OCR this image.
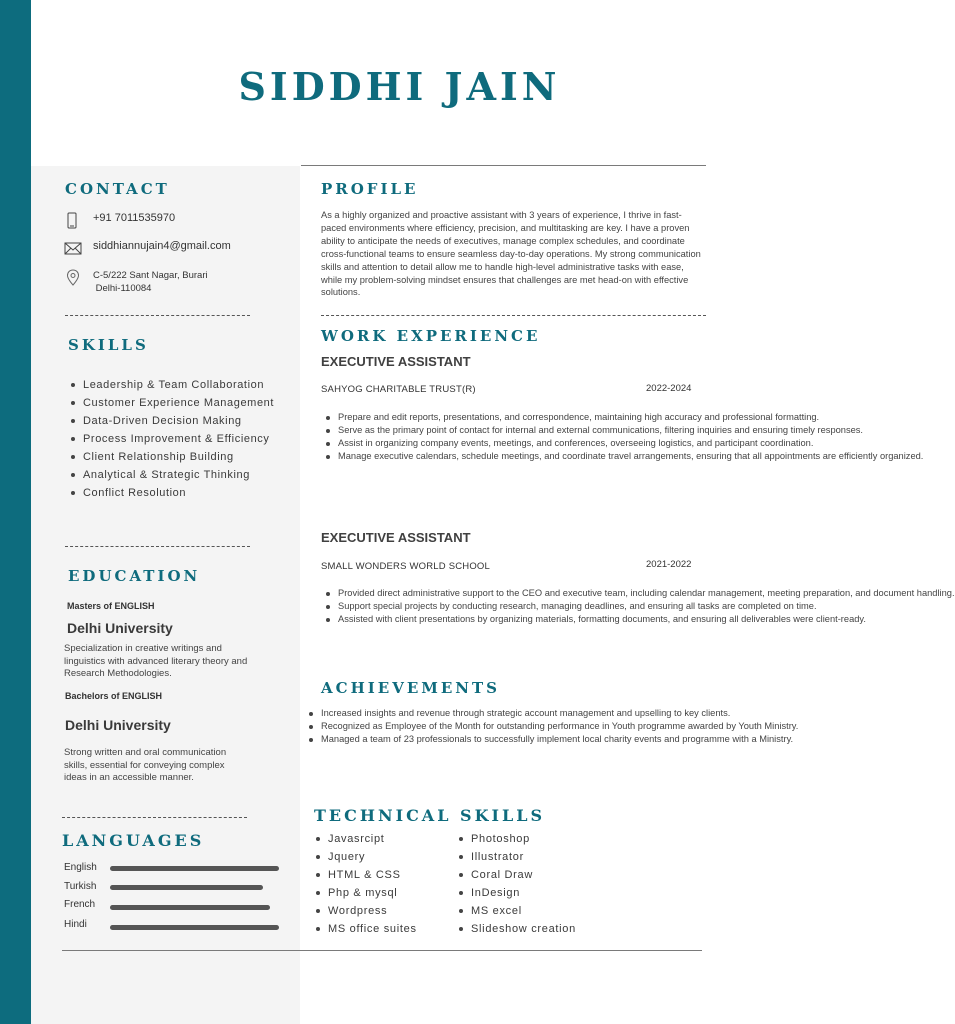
SIDDHI JAIN
CONTACT
+91 7011535970
siddhiannujain4@gmail.com
C-5/222 Sant Nagar, Burari
Delhi-110084
SKILLS
Leadership & Team Collaboration
Customer Experience Management
Data-Driven Decision Making
Process Improvement & Efficiency
Client Relationship Building
Analytical & Strategic Thinking
Conflict Resolution
EDUCATION
Masters of ENGLISH
Delhi University
Specialization in creative writings and linguistics with advanced literary theory and Research Methodologies.
Bachelors of ENGLISH
Delhi University
Strong written and oral communication skills, essential for conveying complex ideas in an accessible manner.
LANGUAGES
English
Turkish
French
Hindi
PROFILE

As a highly organized and proactive assistant with 3 years of experience, I thrive in fast-paced environments where efficiency, precision, and multitasking are key. I have a proven ability to anticipate the needs of executives, manage complex schedules, and coordinate cross-functional teams to ensure seamless day-to-day operations. My strong communication skills and attention to detail allow me to handle high-level administrative tasks with ease, while my problem-solving mindset ensures that challenges are met head-on with effective solutions.

WORK EXPERIENCE
EXECUTIVE ASSISTANT
SAHYOG CHARITABLE TRUST(R)	2022-2024
Prepare and edit reports, presentations, and correspondence, maintaining high accuracy and professional formatting.
Serve as the primary point of contact for internal and external communications, filtering inquiries and ensuring timely responses.
Assist in organizing company events, meetings, and conferences, overseeing logistics, and participant coordination.
Manage executive calendars, schedule meetings, and coordinate travel arrangements, ensuring that all appointments are efficiently organized.
EXECUTIVE ASSISTANT
SMALL WONDERS WORLD SCHOOL	2021-2022
Provided direct administrative support to the CEO and executive team, including calendar management, meeting preparation, and document handling.
Support special projects by conducting research, managing deadlines, and ensuring all tasks are completed on time.
Assisted with client presentations by organizing materials, formatting documents, and ensuring all deliverables were client-ready.
ACHIEVEMENTS
Increased insights and revenue through strategic account management and upselling to key clients.
Recognized as Employee of the Month for outstanding performance in Youth programme awarded by Youth Ministry.
Managed a team of 23 professionals to successfully implement local charity events and programme with a Ministry.
TECHNICAL SKILLS
Javasrcipt
Jquery
HTML & CSS
Php & mysql
Wordpress
MS office suites
Photoshop
Illustrator
Coral Draw
InDesign
MS excel
Slideshow creation
